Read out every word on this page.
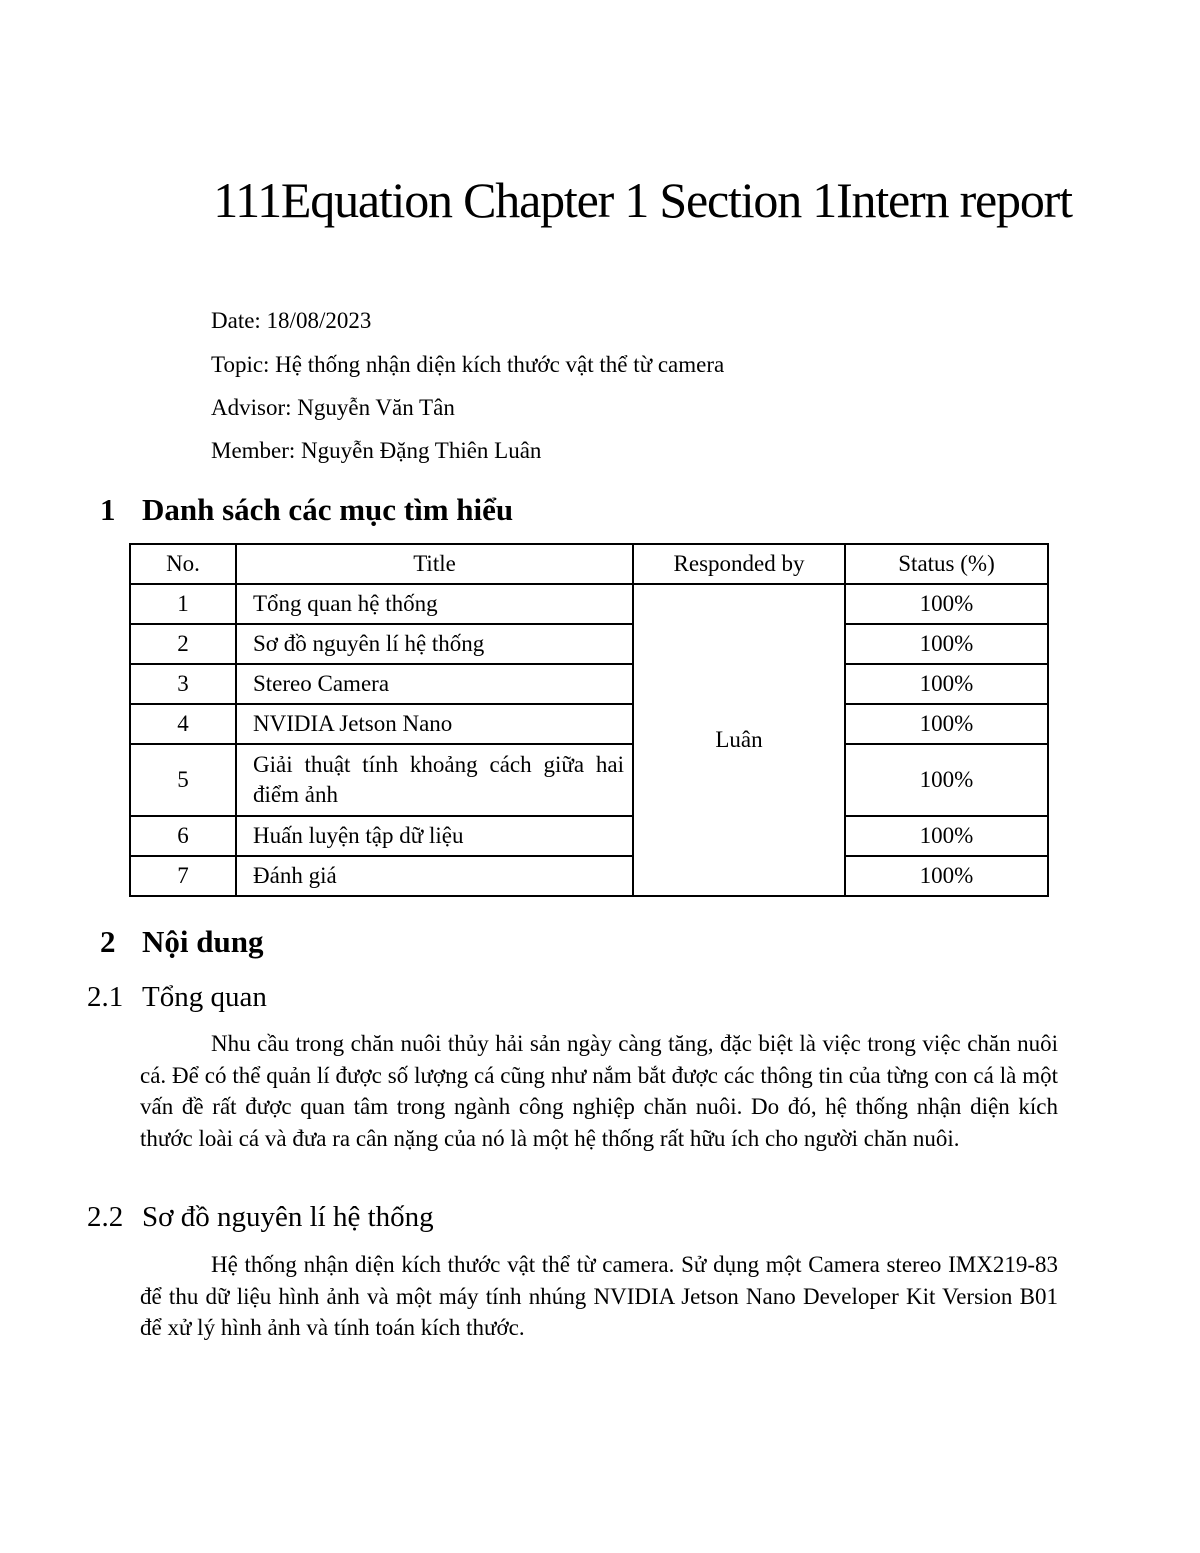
111Equation Chapter 1 Section 1Intern report
Date: 18/08/2023
Topic: Hệ thống nhận diện kích thước vật thể từ camera
Advisor: Nguyễn Văn Tân
Member: Nguyễn Đặng Thiên Luân
1 Danh sách các mục tìm hiểu
No.	Title	Responded by	Status (%)
1	Tổng quan hệ thống	Luân	100%
2	Sơ đồ nguyên lí hệ thống		100%
3	Stereo Camera		100%
4	NVIDIA Jetson Nano		100%
5	Giải thuật tính khoảng cách giữa hai điểm ảnh		100%
6	Huấn luyện tập dữ liệu		100%
7	Đánh giá		100%
2 Nội dung
2.1 Tổng quan
Nhu cầu trong chăn nuôi thủy hải sản ngày càng tăng, đặc biệt là việc trong việc chăn nuôi cá. Để có thể quản lí được số lượng cá cũng như nắm bắt được các thông tin của từng con cá là một vấn đề rất được quan tâm trong ngành công nghiệp chăn nuôi. Do đó, hệ thống nhận diện kích thước loài cá và đưa ra cân nặng của nó là một hệ thống rất hữu ích cho người chăn nuôi.
2.2 Sơ đồ nguyên lí hệ thống
Hệ thống nhận diện kích thước vật thể từ camera. Sử dụng một Camera stereo IMX219-83 để thu dữ liệu hình ảnh và một máy tính nhúng NVIDIA Jetson Nano Developer Kit Version B01 để xử lý hình ảnh và tính toán kích thước.
